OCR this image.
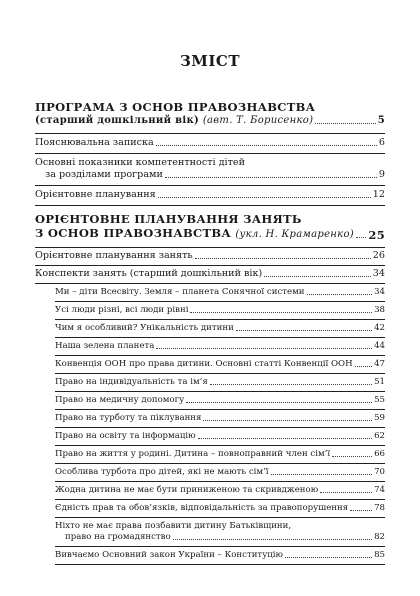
ЗМІСТ
ПРОГРАМА З ОСНОВ ПРАВОЗНАВСТВА
(старший дошкільний вік) (авт. Т. Борисенко)	5
Пояснювальна записка	6
Основні показники компетентності дітей
за розділами програми	9
Орієнтовне планування	12
ОРІЄНТОВНЕ ПЛАНУВАННЯ ЗАНЯТЬ
З ОСНОВ ПРАВОЗНАВСТВА (укл. Н. Крамаренко) 25
Орієнтовне планування занять	26
Конспекти занять (старший дошкільний вік)	34
Ми – діти Всесвіту. Земля – планета Сонячної системи	34
Усі люди різні, всі люди рівні	38
Чим я особливий? Унікальність дитини	42
Наша зелена планета	44
Конвенція ООН про права дитини. Основні статті Конвенції ООН 47
Право на індивідуальність та ім’я	51
Право на медичну допомогу	55
Право на турботу та піклування	59
Право на освіту та інформацію	62
Право на життя у родині. Дитина – повноправний член сім’ї	66
Особлива турбота про дітей, які не мають сім’ї	70
Жодна дитина не має бути приниженою та скривдженою	74
Єдність прав та обов’язків, відповідальність за правопорушення	78
Ніхто не має права позбавити дитину Батьківщини,
право на громадянство	82
Вивчаємо Основний закон України – Конституцію	85
